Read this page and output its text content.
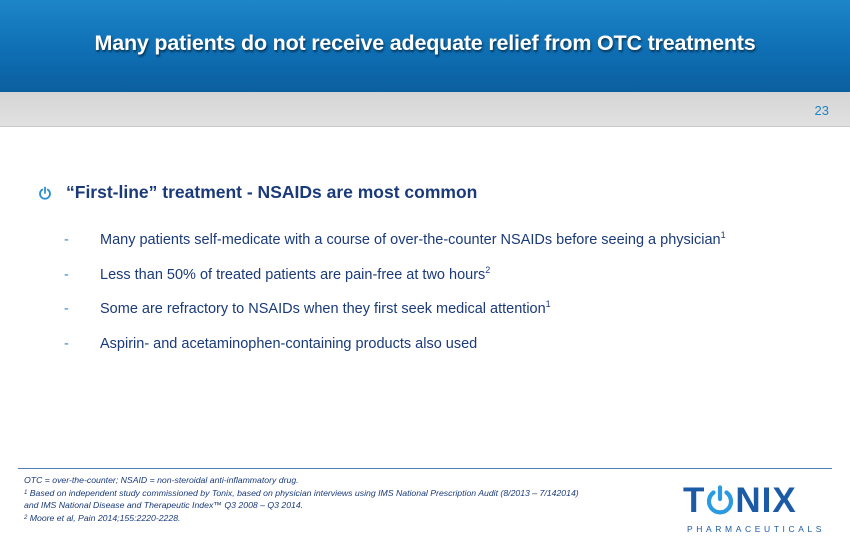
Many patients do not receive adequate relief from OTC treatments
23
“First-line” treatment - NSAIDs are most common
- Many patients self-medicate with a course of over-the-counter NSAIDs before seeing a physician$^1$
- Less than 50% of treated patients are pain-free at two hours$^2$
- Some are refractory to NSAIDs when they first seek medical attention$^1$
- Aspirin- and acetaminophen-containing products also used
OTC = over-the-counter; NSAID = non-steroidal anti-inflammatory drug.
$^1$ Based on independent study commissioned by Tonix, based on physician interviews using IMS National Prescription Audit (8/2013 – 7/142014)
and IMS National Disease and Therapeutic Index™ Q3 2008 – Q3 2014.
$^2$ Moore et al, Pain 2014;155:2220-2228.	T NIX
PHARMACEUTICALS
